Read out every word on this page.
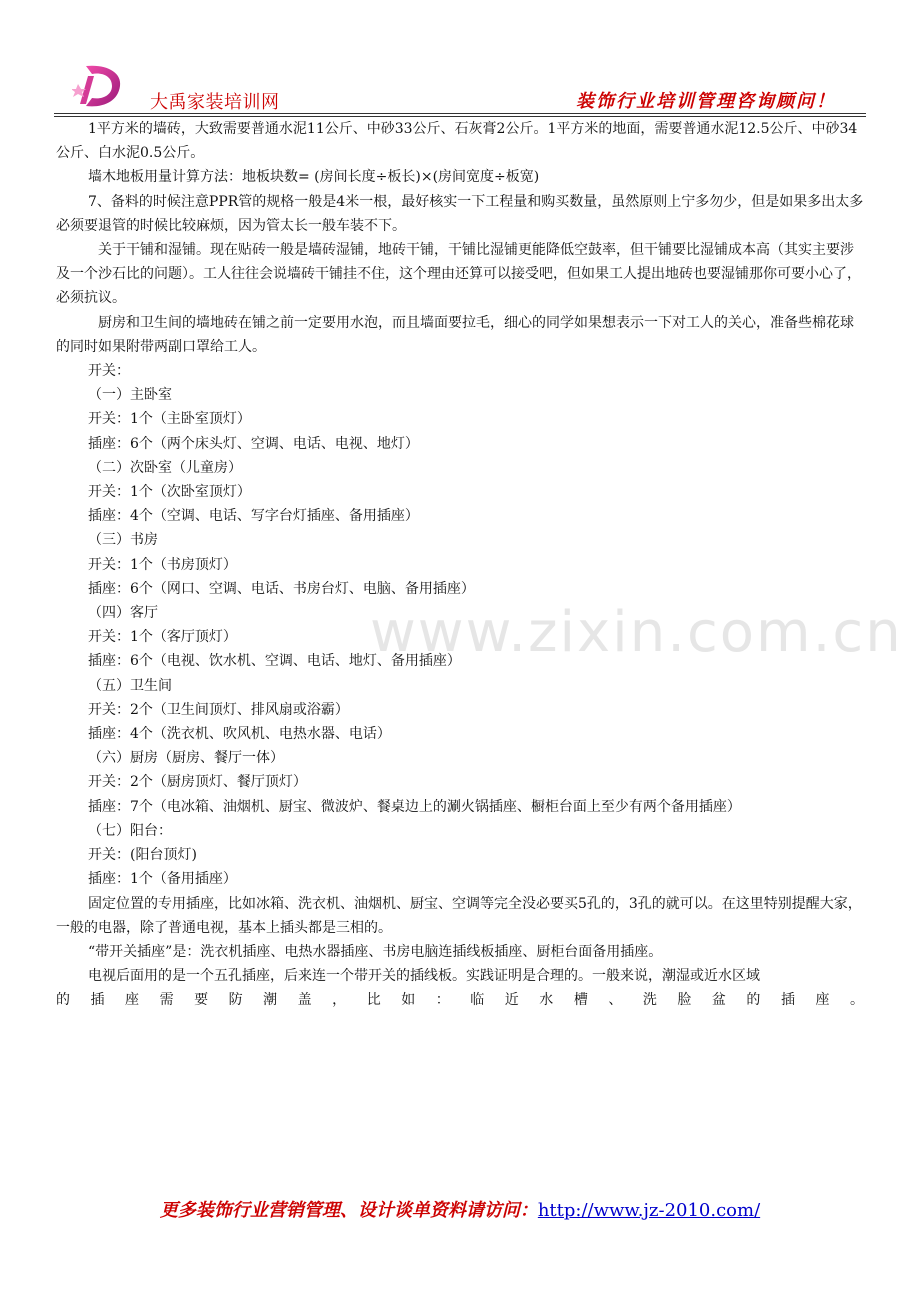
大禹家装培训网	装饰行业培训管理咨询顾问！
www.zixin.com.cn

1平方米的墙砖，大致需要普通水泥11公斤、中砂33公斤、石灰膏2公斤。1平方米的地面，需要普通水泥12.5公斤、中砂34公斤、白水泥0.5公斤。

墙木地板用量计算方法：地板块数= (房间长度÷板长)×(房间宽度÷板宽)

7、备料的时候注意PPR管的规格一般是4米一根，最好核实一下工程量和购买数量，虽然原则上宁多勿少，但是如果多出太多必须要退管的时候比较麻烦，因为管太长一般车装不下。

关于干铺和湿铺。现在贴砖一般是墙砖湿铺，地砖干铺，干铺比湿铺更能降低空鼓率，但干铺要比湿铺成本高（其实主要涉及一个沙石比的问题）。工人往往会说墙砖干铺挂不住，这个理由还算可以接受吧，但如果工人提出地砖也要湿铺那你可要小心了，必须抗议。

厨房和卫生间的墙地砖在铺之前一定要用水泡，而且墙面要拉毛，细心的同学如果想表示一下对工人的关心，准备些棉花球的同时如果附带两副口罩给工人。

开关：

（一）主卧室

开关：1个（主卧室顶灯）

插座：6个（两个床头灯、空调、电话、电视、地灯）

（二）次卧室（儿童房）

开关：1个（次卧室顶灯）

插座：4个（空调、电话、写字台灯插座、备用插座）

（三）书房

开关：1个（书房顶灯）

插座：6个（网口、空调、电话、书房台灯、电脑、备用插座）

（四）客厅

开关：1个（客厅顶灯）

插座：6个（电视、饮水机、空调、电话、地灯、备用插座）

（五）卫生间

开关：2个（卫生间顶灯、排风扇或浴霸）

插座：4个（洗衣机、吹风机、电热水器、电话）

（六）厨房（厨房、餐厅一体）

开关：2个（厨房顶灯、餐厅顶灯）

插座：7个（电冰箱、油烟机、厨宝、微波炉、餐桌边上的涮火锅插座、橱柜台面上至少有两个备用插座）

（七）阳台：

开关：(阳台顶灯)

插座：1个（备用插座）

固定位置的专用插座，比如冰箱、洗衣机、油烟机、厨宝、空调等完全没必要买5孔的，3孔的就可以。在这里特别提醒大家，一般的电器，除了普通电视，基本上插头都是三相的。

“带开关插座”是：洗衣机插座、电热水器插座、书房电脑连插线板插座、厨柜台面备用插座。

电视后面用的是一个五孔插座，后来连一个带开关的插线板。实践证明是合理的。一般来说，潮湿或近水区域

的插座需要防潮盖，比如：临近水槽、洗脸盆的插座。

更多装饰行业营销管理、设计谈单资料请访问：http://www.jz-2010.com/
